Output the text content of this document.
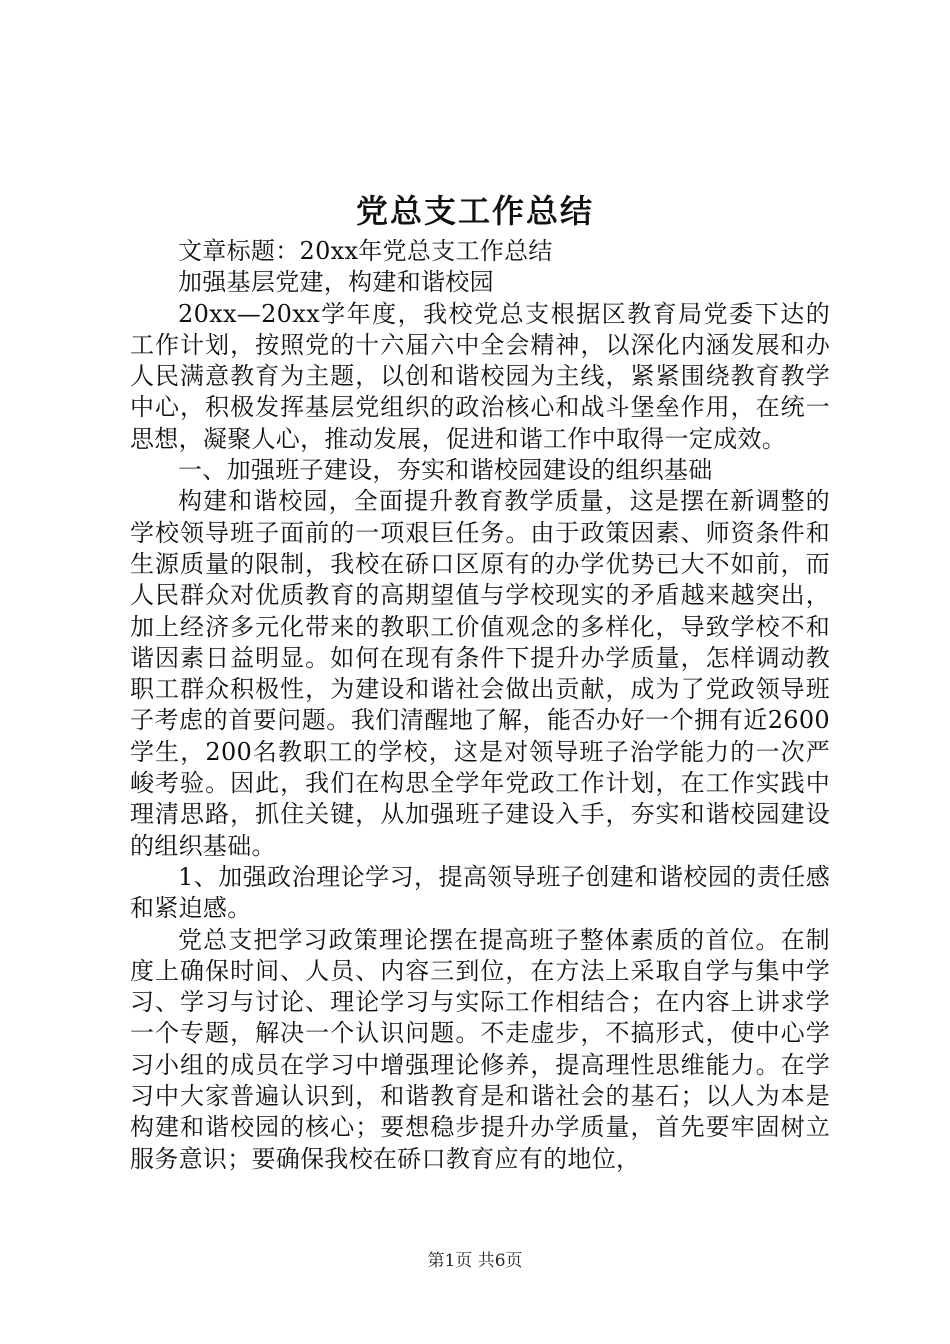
党总支工作总结

文章标题：20xx年党总支工作总结

加强基层党建，构建和谐校园

20xx—20xx学年度，我校党总支根据区教育局党委下达的工作计划，按照党的十六届六中全会精神，以深化内涵发展和办人民满意教育为主题，以创和谐校园为主线，紧紧围绕教育教学中心，积极发挥基层党组织的政治核心和战斗堡垒作用，在统一思想，凝聚人心，推动发展，促进和谐工作中取得一定成效。

一、加强班子建设，夯实和谐校园建设的组织基础

构建和谐校园，全面提升教育教学质量，这是摆在新调整的学校领导班子面前的一项艰巨任务。由于政策因素、师资条件和生源质量的限制，我校在硚口区原有的办学优势已大不如前，而人民群众对优质教育的高期望值与学校现实的矛盾越来越突出，加上经济多元化带来的教职工价值观念的多样化，导致学校不和谐因素日益明显。如何在现有条件下提升办学质量，怎样调动教职工群众积极性，为建设和谐社会做出贡献，成为了党政领导班子考虑的首要问题。我们清醒地了解，能否办好一个拥有近2600学生，200名教职工的学校，这是对领导班子治学能力的一次严峻考验。因此，我们在构思全学年党政工作计划，在工作实践中理清思路，抓住关键，从加强班子建设入手，夯实和谐校园建设的组织基础。

1、加强政治理论学习，提高领导班子创建和谐校园的责任感和紧迫感。

党总支把学习政策理论摆在提高班子整体素质的首位。在制度上确保时间、人员、内容三到位，在方法上采取自学与集中学习、学习与讨论、理论学习与实际工作相结合；在内容上讲求学一个专题，解决一个认识问题。不走虚步，不搞形式，使中心学习小组的成员在学习中增强理论修养，提高理性思维能力。在学习中大家普遍认识到，和谐教育是和谐社会的基石；以人为本是构建和谐校园的核心；要想稳步提升办学质量，首先要牢固树立服务意识；要确保我校在硚口教育应有的地位，

第1页 共6页
